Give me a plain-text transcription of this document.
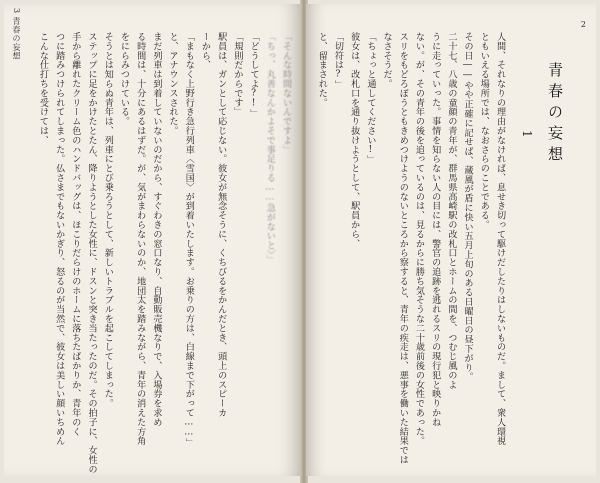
3 青春の妄想	「そんな時間ないんですよ」
「ちっ、丸善なんかよそで事足りる……急がないと〉」
「どうしてよ?!」
「規則だからです」
駅員は、ガンとして応じない。彼女が無念そうに、くちびるをかんだとき、頭上のスピーカ
ーから、
「まもなく上野行き急行列車〈雪国〉が到着いたします。お乗りの方は、白線まで下がって……」
と、アナウンスされた。
まだ列車は到着していないのだから、すぐわきの窓口なり、自動販売機なりで、入場券を求め
る時間は、十分にあるはずだ。が、気がまわらないのか、地団太を踏みながら、青年の消えた方角
をにらみつけている。
そうとは知らぬ青年は、列車にとび乗ろうとして、新しいトラブルを起こしてしまった。
ステップに足をかけたとたん、降りようとした女性に、ドスンと突き当たったのだ。その拍子に、女性の
手から離れたクリーム色のハンドバッグは、ほこりだらけのホームに落ちたばかりか、青年のく
つに踏みつけられてしまった。仏さまでもないかぎり、怒るのが当然で、彼女は美しい顔いちめん
こんな仕打ちを受けては、
2
青春の妄想
1
人間、それなりの理由がなければ、息せき切って駆けだしたりはしないものだ。まして、衆人環視
ともいえる場所では、なおさらのことである。
その日――やや正確に記せば、蔵風が盾に快い五月上旬のある日曜日の昼下がり。
二十七、八歳の童顔の青年が、群馬県高崎駅の改札口とホームの間を、つむじ風のよ
うに走っていった。事情を知らない人の目には、警官の追跡を逃れるスリの現行犯と映りかね
ない。が、その青年の後を追っているのは、見るからに勝ち気そうな二十歳前後の女性であった。
スリをもどろぼうともきめつけようのないところから察すると、青年の疾走は、悪事を働いた結果では
なさそうだ。
「ちょっと通してください!」
彼女は、改札口を通り抜けようとして、駅員から、
「切符は?」
と、留まされた。
